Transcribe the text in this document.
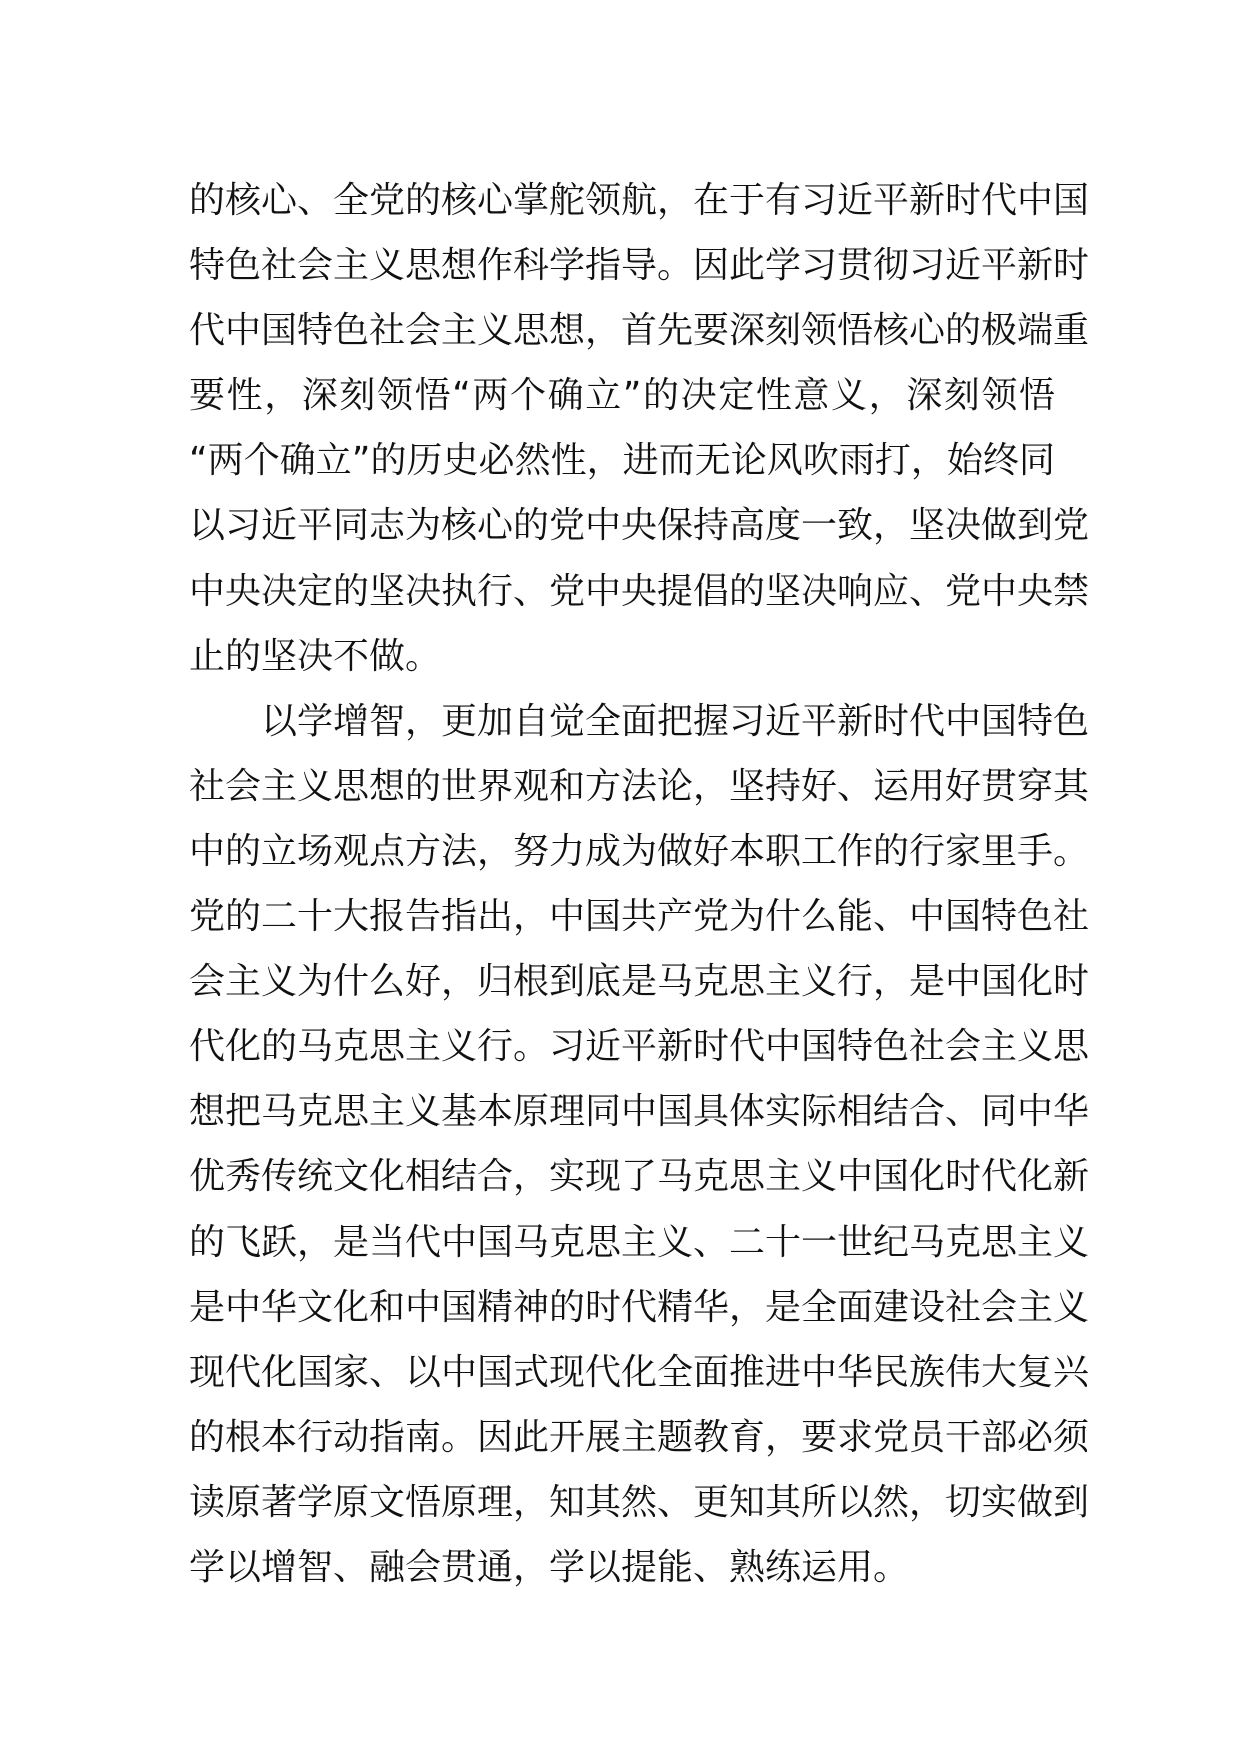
的核心、全党的核心掌舵领航，在于有习近平新时代中国
特色社会主义思想作科学指导。因此学习贯彻习近平新时
代中国特色社会主义思想，首先要深刻领悟核心的极端重
要性，深刻领悟“两个确立”的决定性意义，深刻领悟
“两个确立”的历史必然性，进而无论风吹雨打，始终同
以习近平同志为核心的党中央保持高度一致，坚决做到党
中央决定的坚决执行、党中央提倡的坚决响应、党中央禁
止的坚决不做。
以学增智，更加自觉全面把握习近平新时代中国特色
社会主义思想的世界观和方法论，坚持好、运用好贯穿其
中的立场观点方法，努力成为做好本职工作的行家里手。
党的二十大报告指出，中国共产党为什么能、中国特色社
会主义为什么好，归根到底是马克思主义行，是中国化时
代化的马克思主义行。习近平新时代中国特色社会主义思
想把马克思主义基本原理同中国具体实际相结合、同中华
优秀传统文化相结合，实现了马克思主义中国化时代化新
的飞跃，是当代中国马克思主义、二十一世纪马克思主义
是中华文化和中国精神的时代精华，是全面建设社会主义
现代化国家、以中国式现代化全面推进中华民族伟大复兴
的根本行动指南。因此开展主题教育，要求党员干部必须
读原著学原文悟原理，知其然、更知其所以然，切实做到
学以增智、融会贯通，学以提能、熟练运用。
